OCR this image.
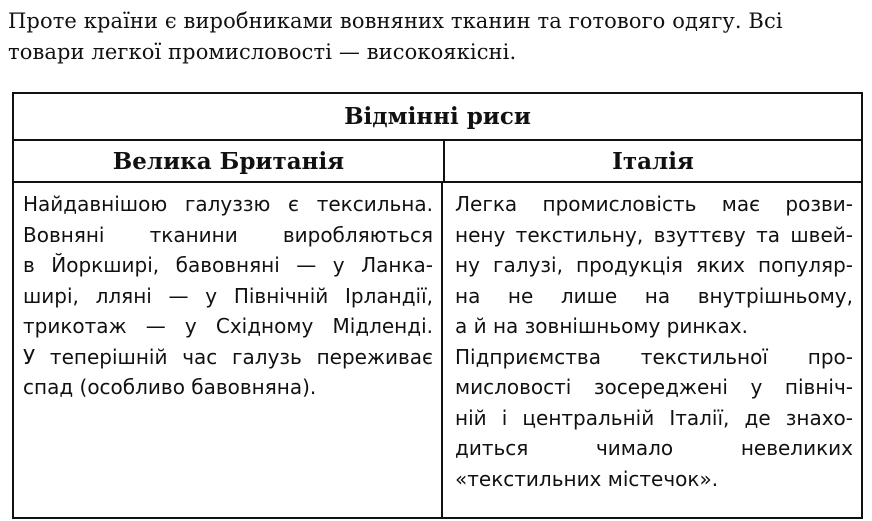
Проте країни є виробниками вовняних тканин та готового одягу. Всі
товари легкої промисловості — високоякісні.
Відмінні риси
Велика Британія	Італія
Найдавнішою галуззю є тексильна.
Вовняні тканини виробляються
в Йоркширі, бавовняні — у Ланка-
ширі, лляні — у Північній Ірландії,
трикотаж — у Східному Мідленді.
У теперішній час галузь переживає
спад (особливо бавовняна).
Легка промисловість має розви-
нену текстильну, взуттєву та швей-
ну галузі, продукція яких популяр-
на не лише на внутрішньому,
а й на зовнішньому ринках.
Підприємства текстильної про-
мисловості зосереджені у північ-
ній і центральній Італії, де знахо-
диться чимало невеликих
«текстильних містечок».
